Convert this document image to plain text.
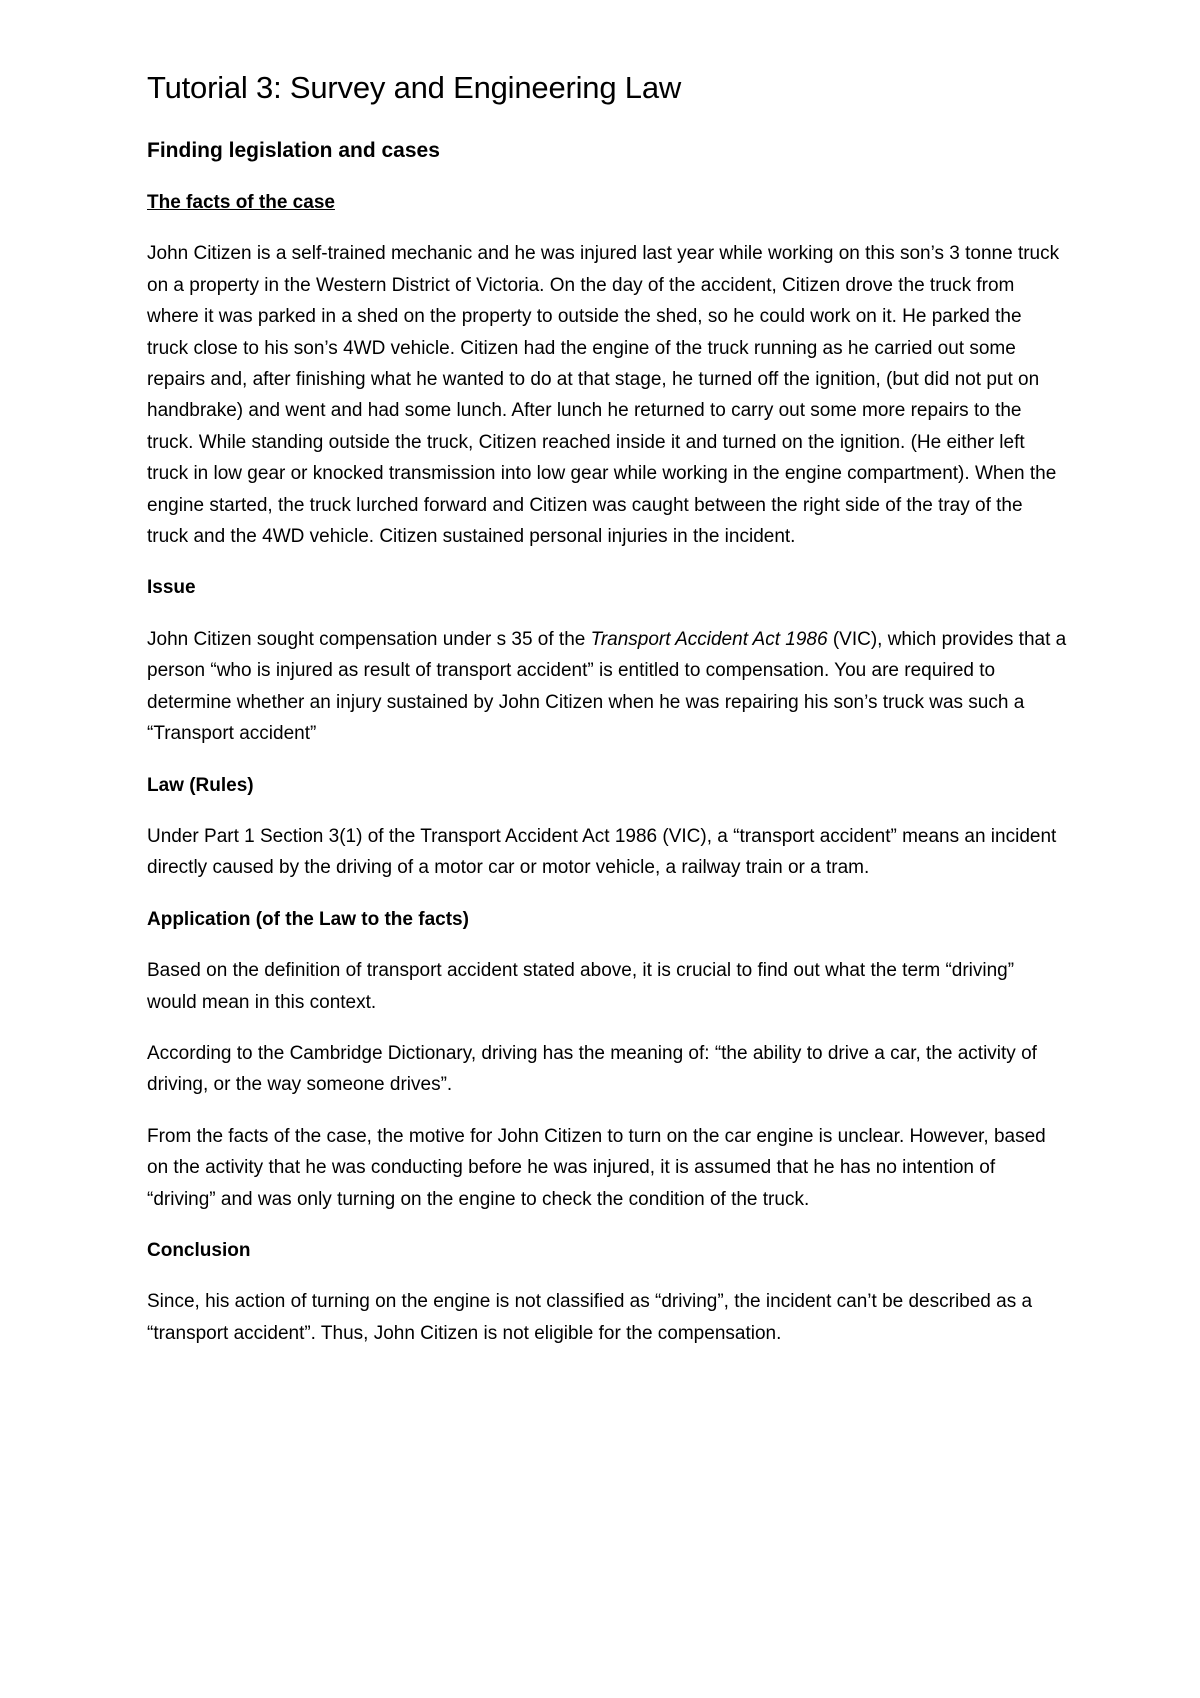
Tutorial 3: Survey and Engineering Law
Finding legislation and cases
The facts of the case

John Citizen is a self-trained mechanic and he was injured last year while working on this son’s 3 tonne truck on a property in the Western District of Victoria. On the day of the accident, Citizen drove the truck from where it was parked in a shed on the property to outside the shed, so he could work on it. He parked the truck close to his son’s 4WD vehicle. Citizen had the engine of the truck running as he carried out some repairs and, after finishing what he wanted to do at that stage, he turned off the ignition, (but did not put on handbrake) and went and had some lunch. After lunch he returned to carry out some more repairs to the truck. While standing outside the truck, Citizen reached inside it and turned on the ignition. (He either left truck in low gear or knocked transmission into low gear while working in the engine compartment). When the engine started, the truck lurched forward and Citizen was caught between the right side of the tray of the truck and the 4WD vehicle. Citizen sustained personal injuries in the incident.

Issue

John Citizen sought compensation under s 35 of the Transport Accident Act 1986 (VIC), which provides that a person “who is injured as result of transport accident” is entitled to compensation. You are required to determine whether an injury sustained by John Citizen when he was repairing his son’s truck was such a “Transport accident”

Law (Rules)

Under Part 1 Section 3(1) of the Transport Accident Act 1986 (VIC), a “transport accident” means an incident directly caused by the driving of a motor car or motor vehicle, a railway train or a tram.

Application (of the Law to the facts)

Based on the definition of transport accident stated above, it is crucial to find out what the term “driving” would mean in this context.

According to the Cambridge Dictionary, driving has the meaning of: “the ability to drive a car, the activity of driving, or the way someone drives”.

From the facts of the case, the motive for John Citizen to turn on the car engine is unclear. However, based on the activity that he was conducting before he was injured, it is assumed that he has no intention of “driving” and was only turning on the engine to check the condition of the truck.

Conclusion

Since, his action of turning on the engine is not classified as “driving”, the incident can’t be described as a “transport accident”. Thus, John Citizen is not eligible for the compensation.
